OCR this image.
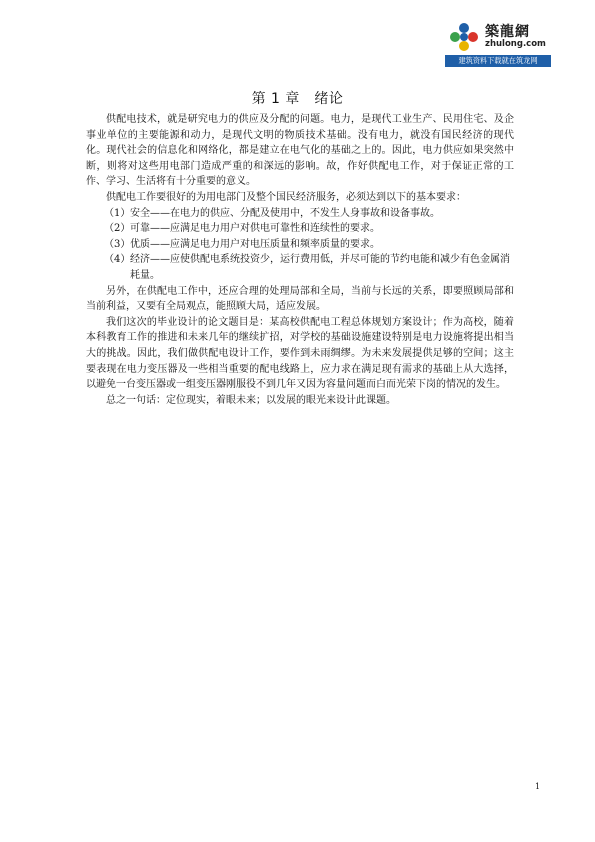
築龍網
zhulong.com
建筑资料下载就在筑龙网
第 1 章　绪论

供配电技术，就是研究电力的供应及分配的问题。电力，是现代工业生产、民用住宅、及企事业单位的主要能源和动力，是现代文明的物质技术基础。没有电力，就没有国民经济的现代化。现代社会的信息化和网络化，都是建立在电气化的基础之上的。因此，电力供应如果突然中断，则将对这些用电部门造成严重的和深远的影响。故，作好供配电工作，对于保证正常的工作、学习、生活将有十分重要的意义。

供配电工作要很好的为用电部门及整个国民经济服务，必须达到以下的基本要求：

（1） 安全——在电力的供应、分配及使用中，不发生人身事故和设备事故。
（2） 可靠——应满足电力用户对供电可靠性和连续性的要求。
（3） 优质——应满足电力用户对电压质量和频率质量的要求。
（4） 经济——应使供配电系统投资少，运行费用低，并尽可能的节约电能和减少有色金属消耗量。

另外，在供配电工作中，还应合理的处理局部和全局，当前与长远的关系，即要照顾局部和当前利益，又要有全局观点，能照顾大局，适应发展。

我们这次的毕业设计的论文题目是：某高校供配电工程总体规划方案设计；作为高校，随着本科教育工作的推进和未来几年的继续扩招，对学校的基础设施建设特别是电力设施将提出相当大的挑战。因此，我们做供配电设计工作，要作到未雨绸缪。为未来发展提供足够的空间；这主要表现在电力变压器及一些相当重要的配电线路上，应力求在满足现有需求的基础上从大选择，以避免一台变压器或一组变压器刚服役不到几年又因为容量问题而白而光荣下岗的情况的发生。

总之一句话：定位现实，着眼未来；以发展的眼光来设计此课题。

1
